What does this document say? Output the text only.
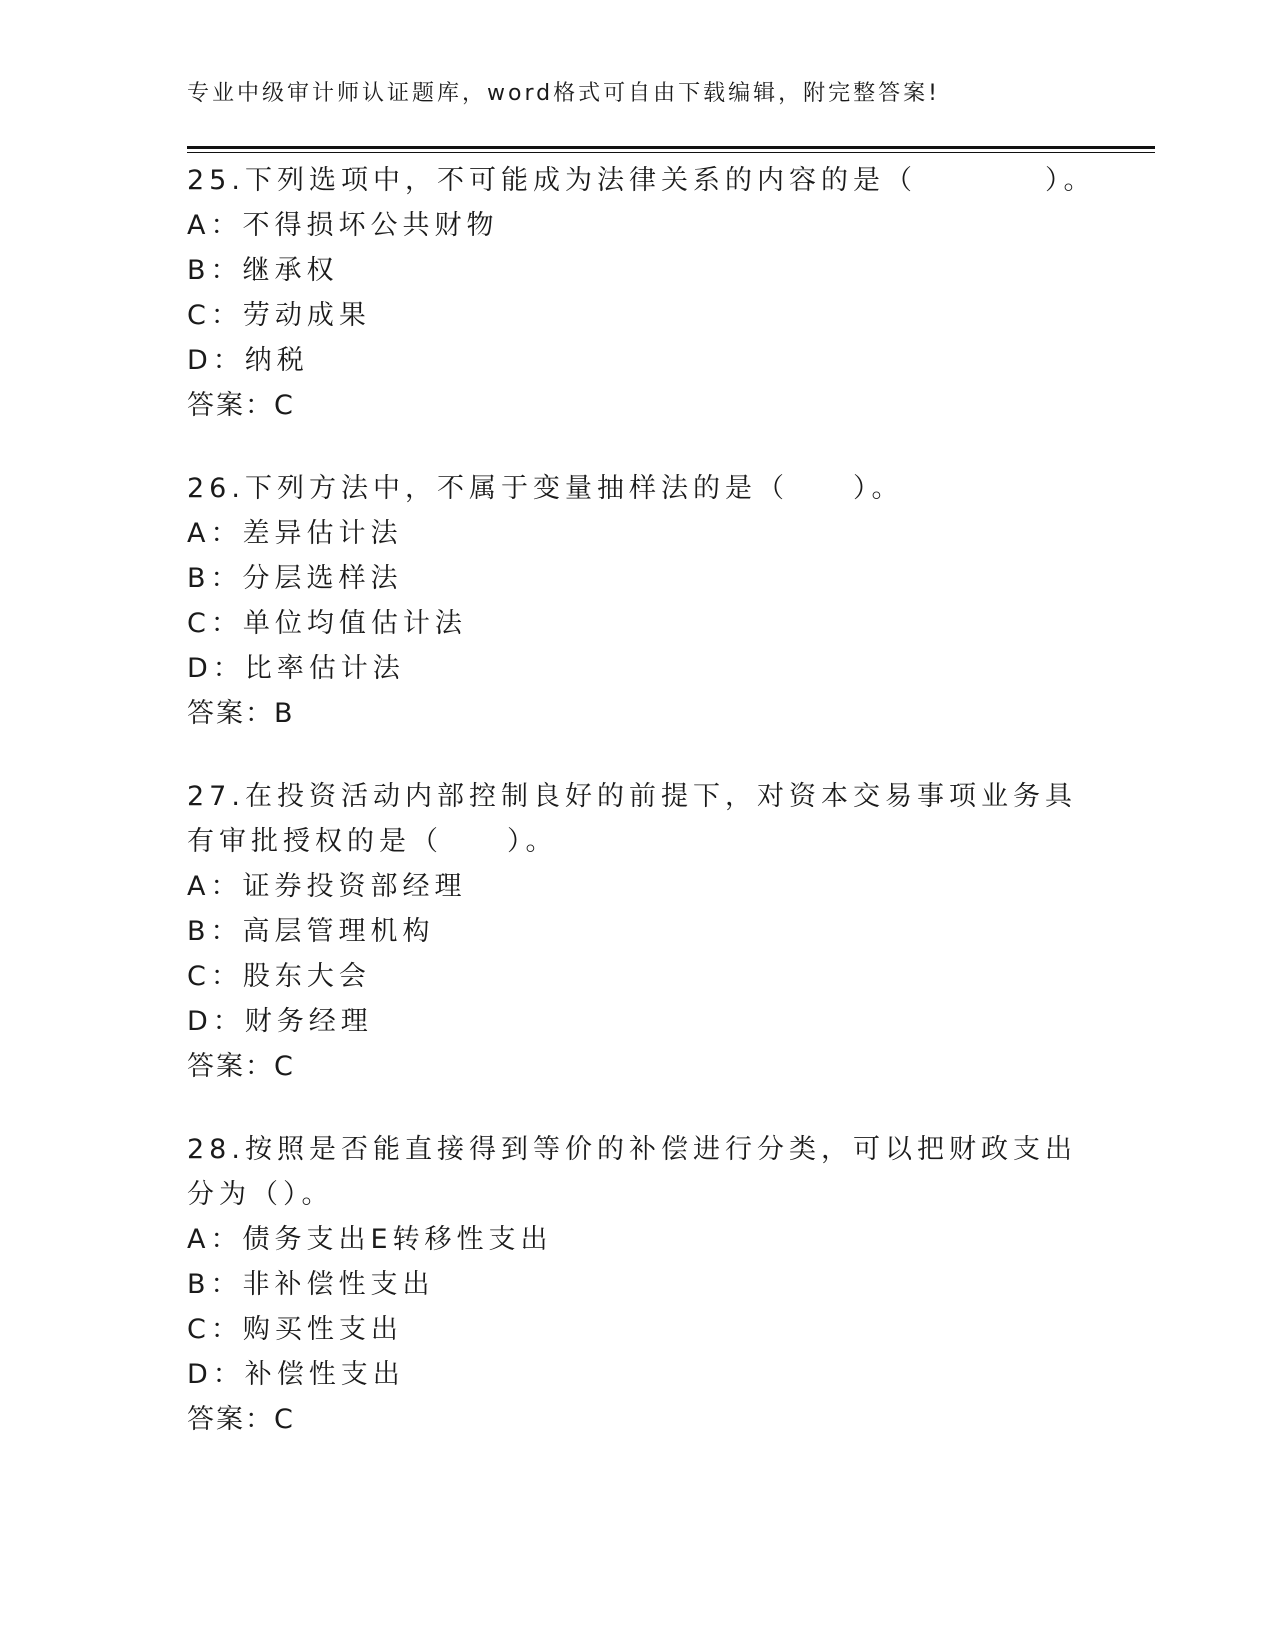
专业中级审计师认证题库，word格式可自由下载编辑，附完整答案!

25.下列选项中，不可能成为法律关系的内容的是（　　　　）。

A：不得损坏公共财物

B：继承权

C：劳动成果

D：纳税

答案：C

26.下列方法中，不属于变量抽样法的是（　　）。

A：差异估计法

B：分层选样法

C：单位均值估计法

D：比率估计法

答案：B

27.在投资活动内部控制良好的前提下，对资本交易事项业务具有审批授权的是（　　）。

A：证券投资部经理

B：高层管理机构

C：股东大会

D：财务经理

答案：C

28.按照是否能直接得到等价的补偿进行分类，可以把财政支出分为（）。

A：债务支出E转移性支出

B：非补偿性支出

C：购买性支出

D：补偿性支出

答案：C
